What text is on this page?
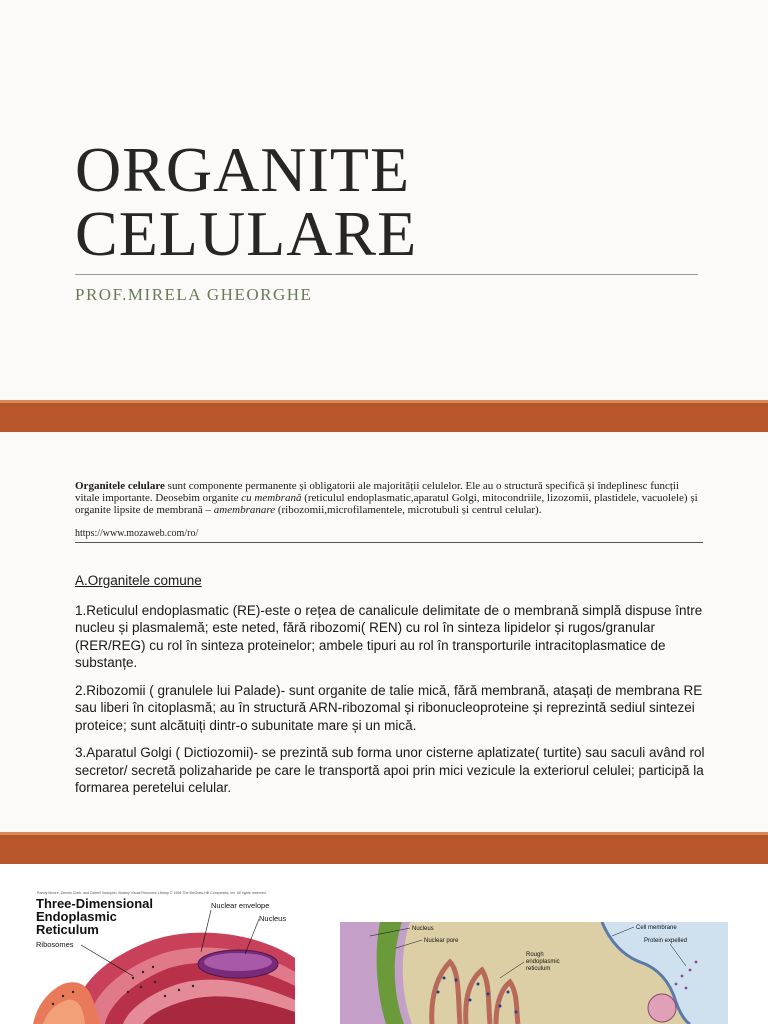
ORGANITE
CELULARE
PROF.MIRELA GHEORGHE
Organitele celulare sunt componente permanente și obligatorii ale majorității celulelor. Ele au o structură specifică și îndeplinesc funcții vitale importante. Deosebim organite cu membrană (reticulul endoplasmatic,aparatul Golgi, mitocondriile, lizozomii, plastidele, vacuolele) și organite lipsite de membrană – amembranare (ribozomii,microfilamentele, microtubuli și centrul celular).
https://www.mozaweb.com/ro/

A.Organitele comune

1.Reticulul endoplasmatic (RE)-este o rețea de canalicule delimitate de o membrană simplă dispuse între nucleu și plasmalemă; este neted, fără ribozomi( REN) cu rol în sinteza lipidelor și rugos/granular (RER/REG) cu rol în sinteza proteinelor; ambele tipuri au rol în transporturile intracitoplasmatice de substanțe.

2.Ribozomii ( granulele lui Palade)- sunt organite de talie mică, fără membrană, atașați de membrana RE sau liberi în citoplasmă; au în structură ARN-ribozomal și ribonucleoproteine și reprezintă sediul sintezei proteice; sunt alcătuiți dintr-o subunitate mare și un mică.

3.Aparatul Golgi ( Dictiozomii)- se prezintă sub forma unor cisterne aplatizate( turtite) sau saculi având rol secretor/ secretă polizaharide pe care le transportă apoi prin mici vezicule la exteriorul celulei; participă la formarea peretelui celular.

Randy Moore, Dennis Clark, and Darrell Vodopich, Botany Visual Resource Library © 1998 The McGraw-Hill Companies, Inc. All rights reserved.
Three-Dimensional
Endoplasmic
Reticulum
Nuclear envelope
Nucleus
Ribosomes
Nucleus
Nuclear pore
Rough
endoplasmic
reticulum
Cell membrane
Protein expelled
